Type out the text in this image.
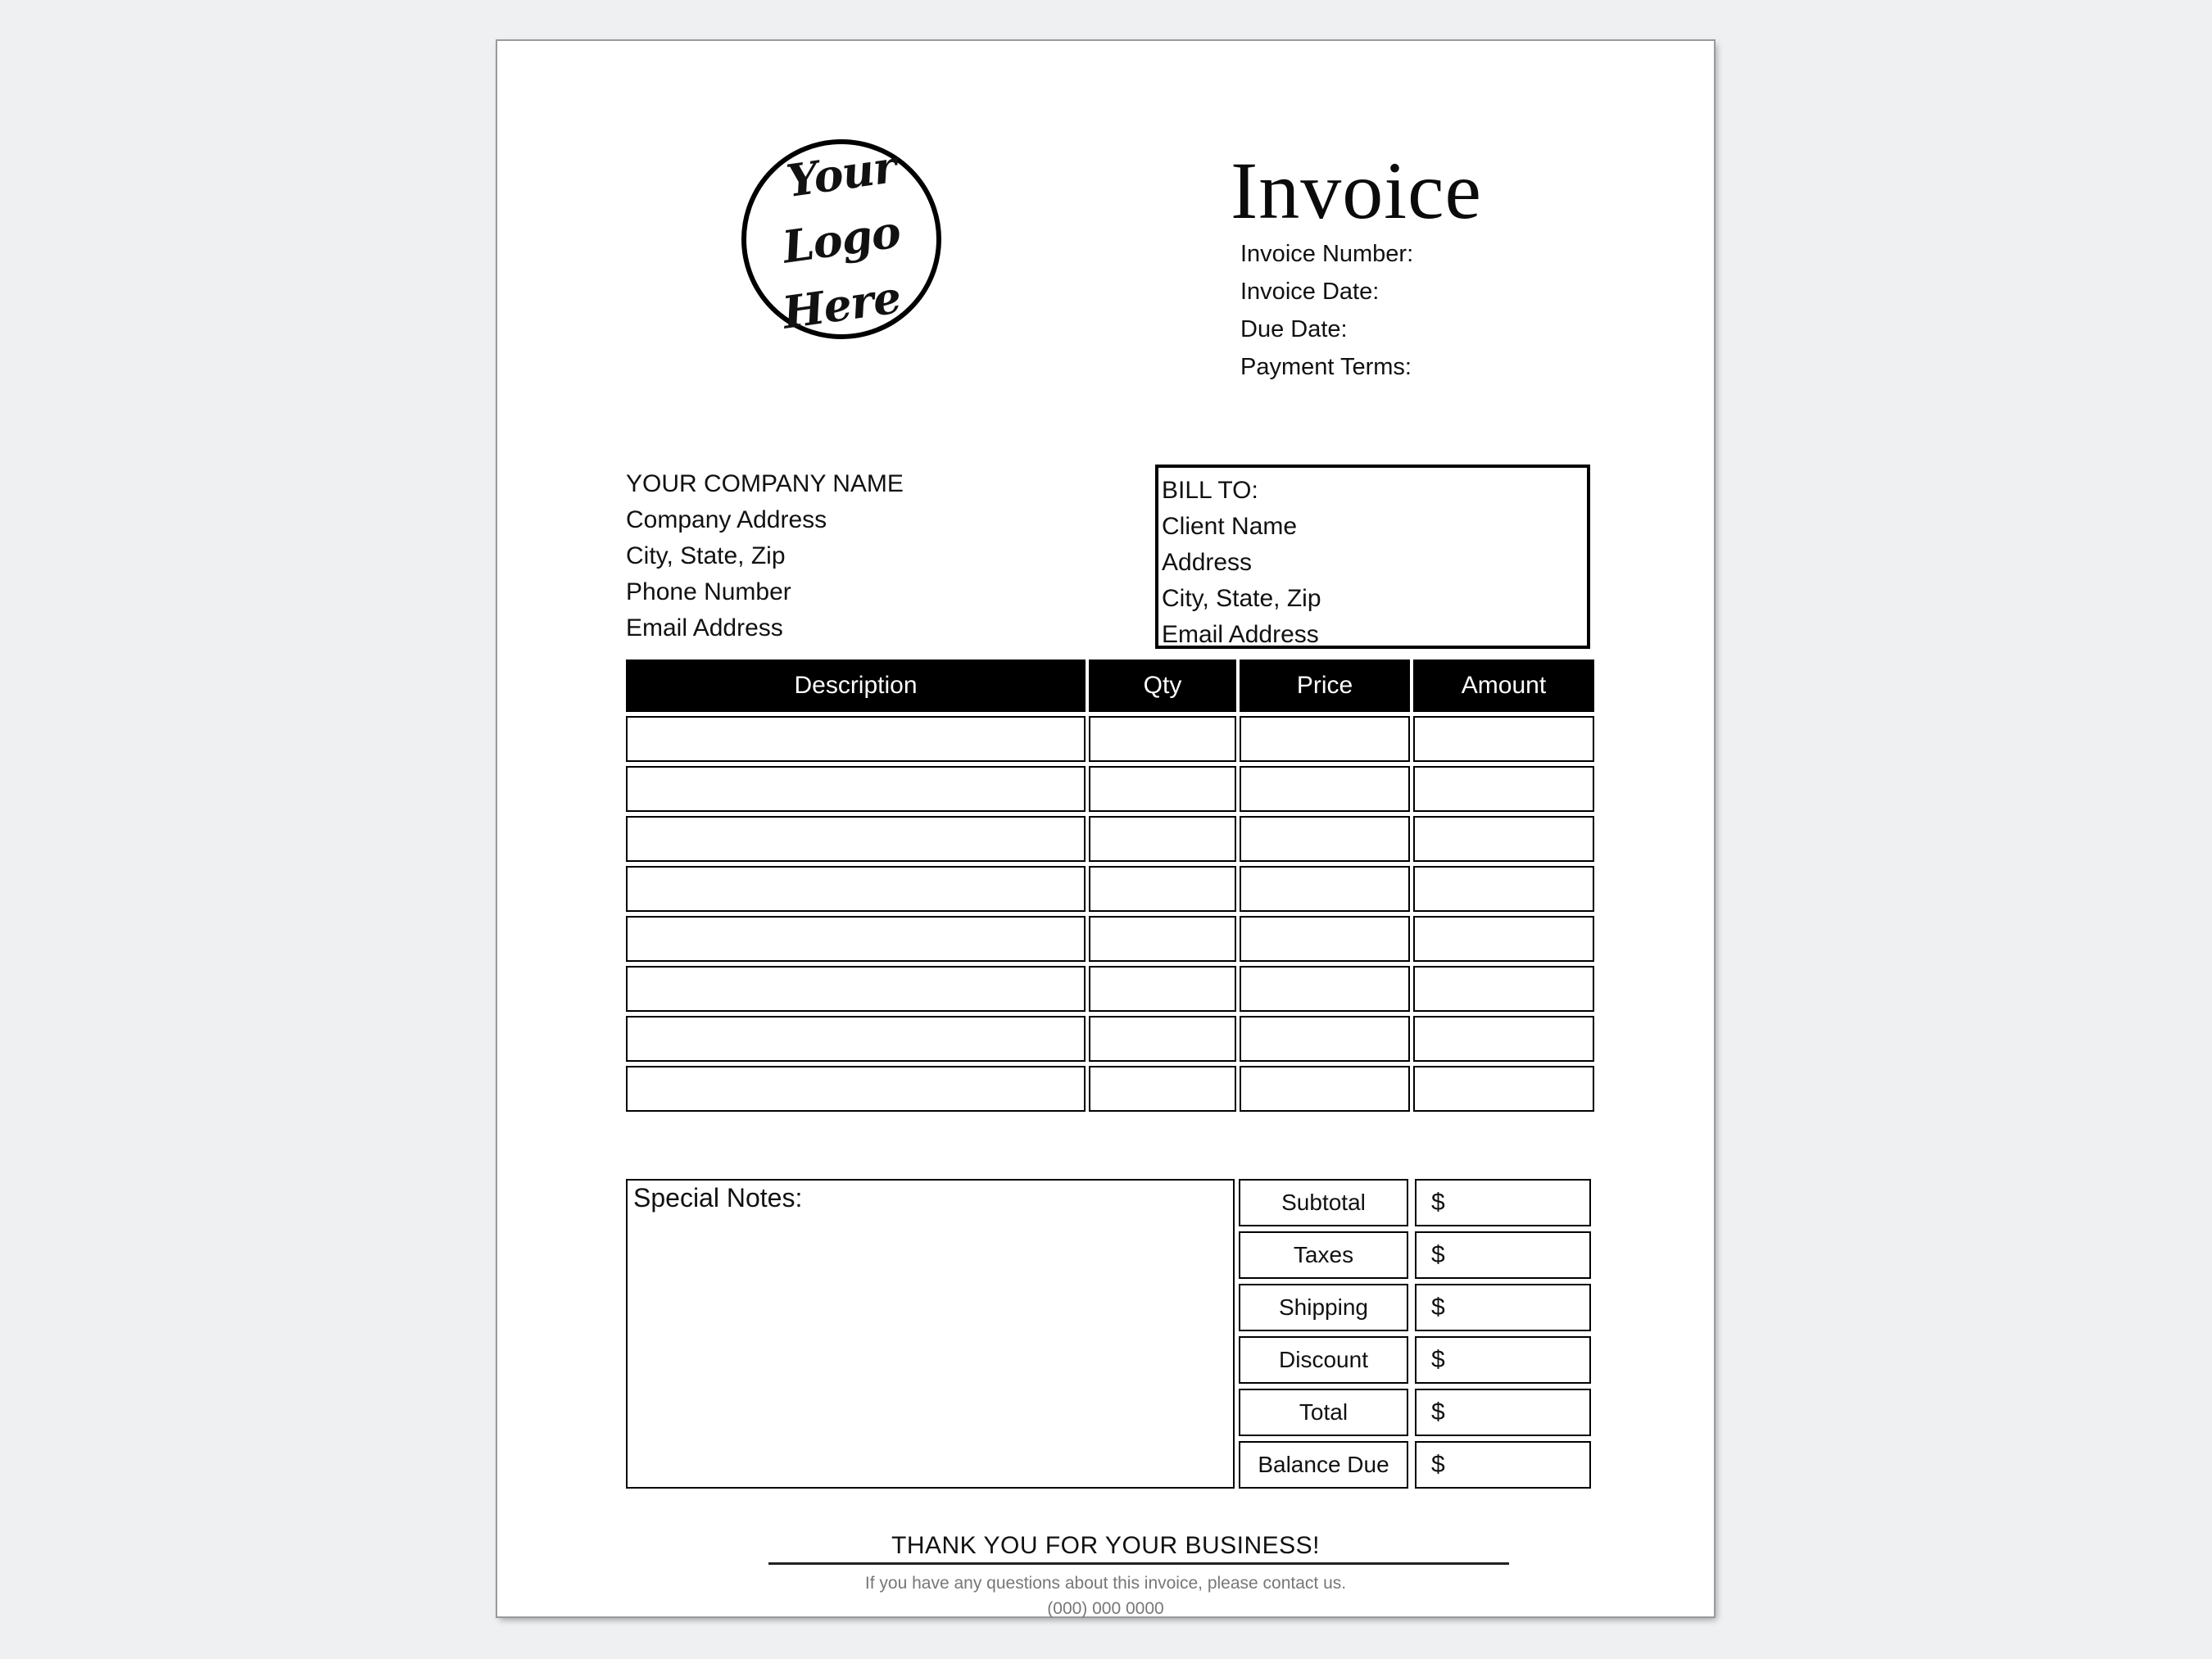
Your
Logo
Here
Invoice
Invoice Number:
Invoice Date:
Due Date:
Payment Terms:
YOUR COMPANY NAME
Company Address
City, State, Zip
Phone Number
Email Address
BILL TO:
Client Name
Address
City, State, Zip
Email Address
Description	Qty	Price	Amount
Special Notes:	Subtotal	$
Taxes	$
Shipping	$
Discount	$
Total	$
Balance Due	$
THANK YOU FOR YOUR BUSINESS!
If you have any questions about this invoice, please contact us.
(000) 000 0000
